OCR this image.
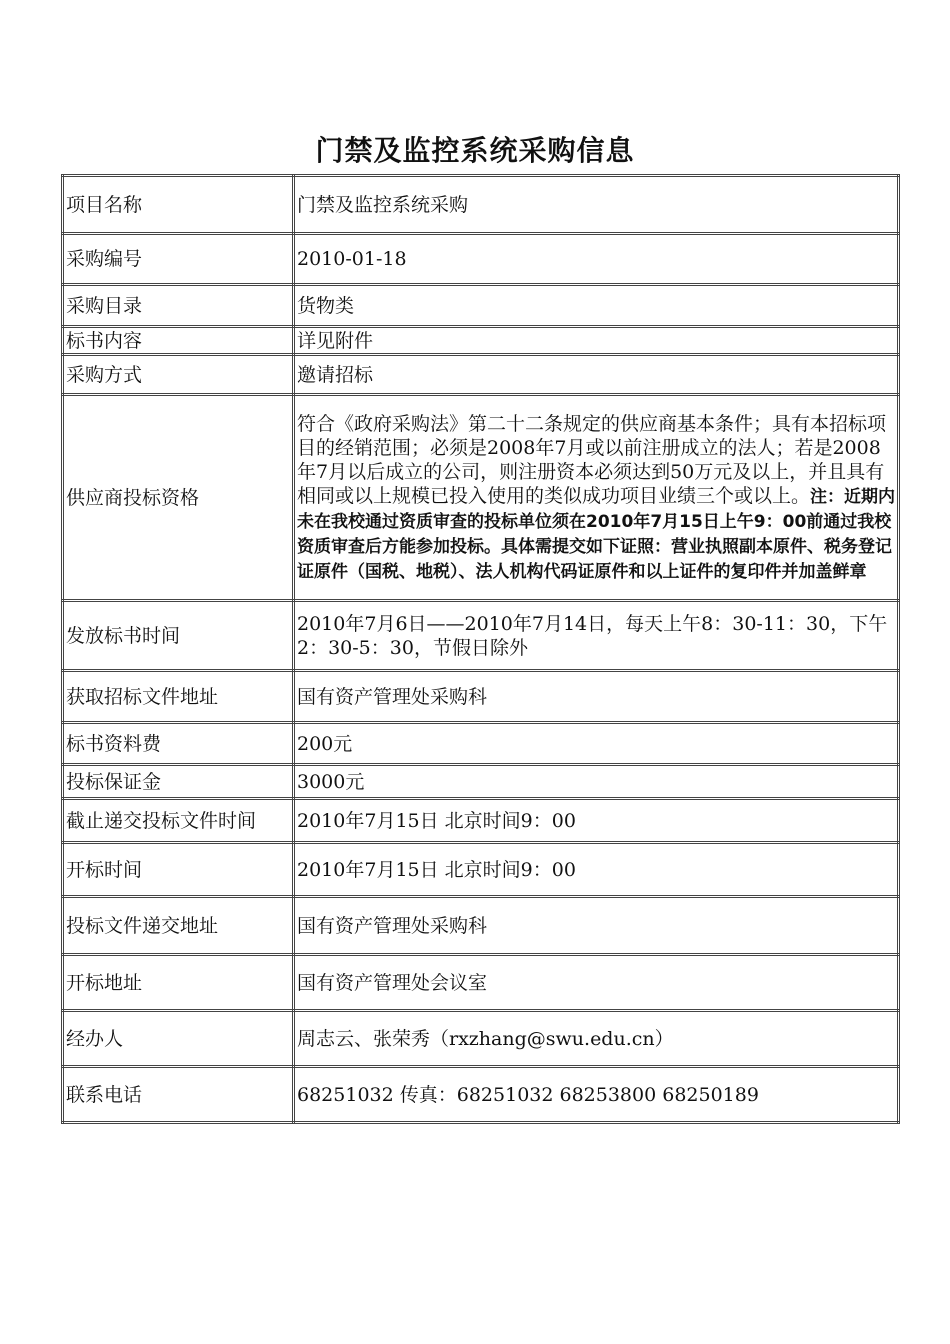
门禁及监控系统采购信息
项目名称	门禁及监控系统采购
采购编号	2010-01-18
采购目录	货物类
标书内容	详见附件
采购方式	邀请招标
供应商投标资格	符合《政府采购法》第二十二条规定的供应商基本条件；具有本招标项目的经销范围；必须是2008年7月或以前注册成立的法人；若是2008年7月以后成立的公司，则注册资本必须达到50万元及以上，并且具有相同或以上规模已投入使用的类似成功项目业绩三个或以上。注：近期内未在我校通过资质审查的投标单位须在2010年7月15日上午9：00前通过我校资质审查后方能参加投标。具体需提交如下证照：营业执照副本原件、税务登记证原件（国税、地税）、法人机构代码证原件和以上证件的复印件并加盖鲜章
发放标书时间	2010年7月6日——2010年7月14日，每天上午8：30-11：30，下午2：30-5：30，节假日除外
获取招标文件地址	国有资产管理处采购科
标书资料费	200元
投标保证金	3000元
截止递交投标文件时间	2010年7月15日 北京时间9：00
开标时间	2010年7月15日 北京时间9：00
投标文件递交地址	国有资产管理处采购科
开标地址	国有资产管理处会议室
经办人	周志云、张荣秀（rxzhang@swu.edu.cn）
联系电话	68251032 传真：68251032 68253800 68250189
